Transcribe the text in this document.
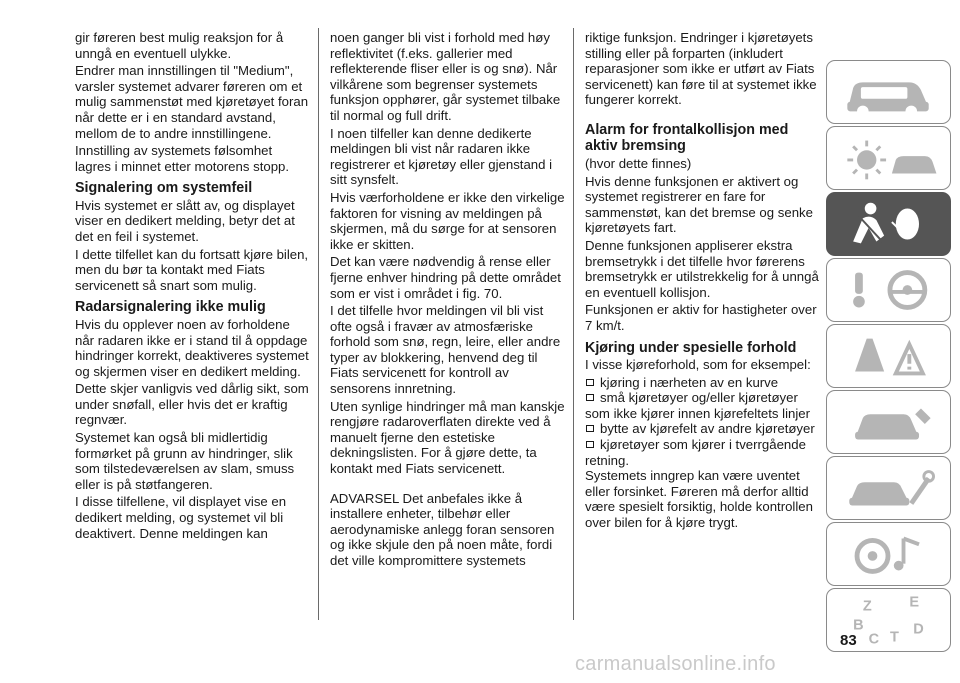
gir føreren best mulig reaksjon for å unngå en eventuell ulykke.

Endrer man innstillingen til "Medium", varsler systemet advarer føreren om et mulig sammenstøt med kjøretøyet foran når dette er i en standard avstand, mellom de to andre innstillingene.

Innstilling av systemets følsomhet lagres i minnet etter motorens stopp.

Signalering om systemfeil

Hvis systemet er slått av, og displayet viser en dedikert melding, betyr det at det en feil i systemet.

I dette tilfellet kan du fortsatt kjøre bilen, men du bør ta kontakt med Fiats servicenett så snart som mulig.

Radarsignalering ikke mulig

Hvis du opplever noen av forholdene når radaren ikke er i stand til å oppdage hindringer korrekt, deaktiveres systemet og skjermen viser en dedikert melding.

Dette skjer vanligvis ved dårlig sikt, som under snøfall, eller hvis det er kraftig regnvær.

Systemet kan også bli midlertidig formørket på grunn av hindringer, slik som tilstedeværelsen av slam, smuss eller is på støtfangeren.

I disse tilfellene, vil displayet vise en dedikert melding, og systemet vil bli deaktivert. Denne meldingen kan

noen ganger bli vist i forhold med høy reflektivitet (f.eks. gallerier med reflekterende fliser eller is og snø). Når vilkårene som begrenser systemets funksjon opphører, går systemet tilbake til normal og full drift.

I noen tilfeller kan denne dedikerte meldingen bli vist når radaren ikke registrerer et kjøretøy eller gjenstand i sitt synsfelt.

Hvis værforholdene er ikke den virkelige faktoren for visning av meldingen på skjermen, må du sørge for at sensoren ikke er skitten.

Det kan være nødvendig å rense eller fjerne enhver hindring på dette området som er vist i området i fig. 70.

I det tilfelle hvor meldingen vil bli vist ofte også i fravær av atmosfæriske forhold som snø, regn, leire, eller andre typer av blokkering, henvend deg til Fiats servicenett for kontroll av sensorens innretning.

Uten synlige hindringer må man kanskje rengjøre radaroverflaten direkte ved å manuelt fjerne den estetiske dekningslisten. For å gjøre dette, ta kontakt med Fiats servicenett.

ADVARSEL Det anbefales ikke å installere enheter, tilbehør eller aerodynamiske anlegg foran sensoren og ikke skjule den på noen måte, fordi det ville kompromittere systemets

riktige funksjon. Endringer i kjøretøyets stilling eller på forparten (inkludert reparasjoner som ikke er utført av Fiats servicenett) kan føre til at systemet ikke fungerer korrekt.

Alarm for frontalkollisjon med aktiv bremsing

(hvor dette finnes)

Hvis denne funksjonen er aktivert og systemet registrerer en fare for sammenstøt, kan det bremse og senke kjøretøyets fart.

Denne funksjonen appliserer ekstra bremsetrykk i det tilfelle hvor førerens bremsetrykk er utilstrekkelig for å unngå en eventuell kollisjon.

Funksjonen er aktiv for hastigheter over 7 km/t.

Kjøring under spesielle forhold

I visse kjøreforhold, som for eksempel:

kjøring i nærheten av en kurve
små kjøretøyer og/eller kjøretøyer
som ikke kjører innen kjørefeltets linjer
bytte av kjørefelt av andre kjøretøyer
kjøretøyer som kjører i tverrgående
retning.

Systemets inngrep kan være uventet eller forsinket. Føreren må derfor alltid være spesielt forsiktig, holde kontrollen over bilen for å kjøre trygt.

Z	E
B
C T D
83
carmanualsonline.info
